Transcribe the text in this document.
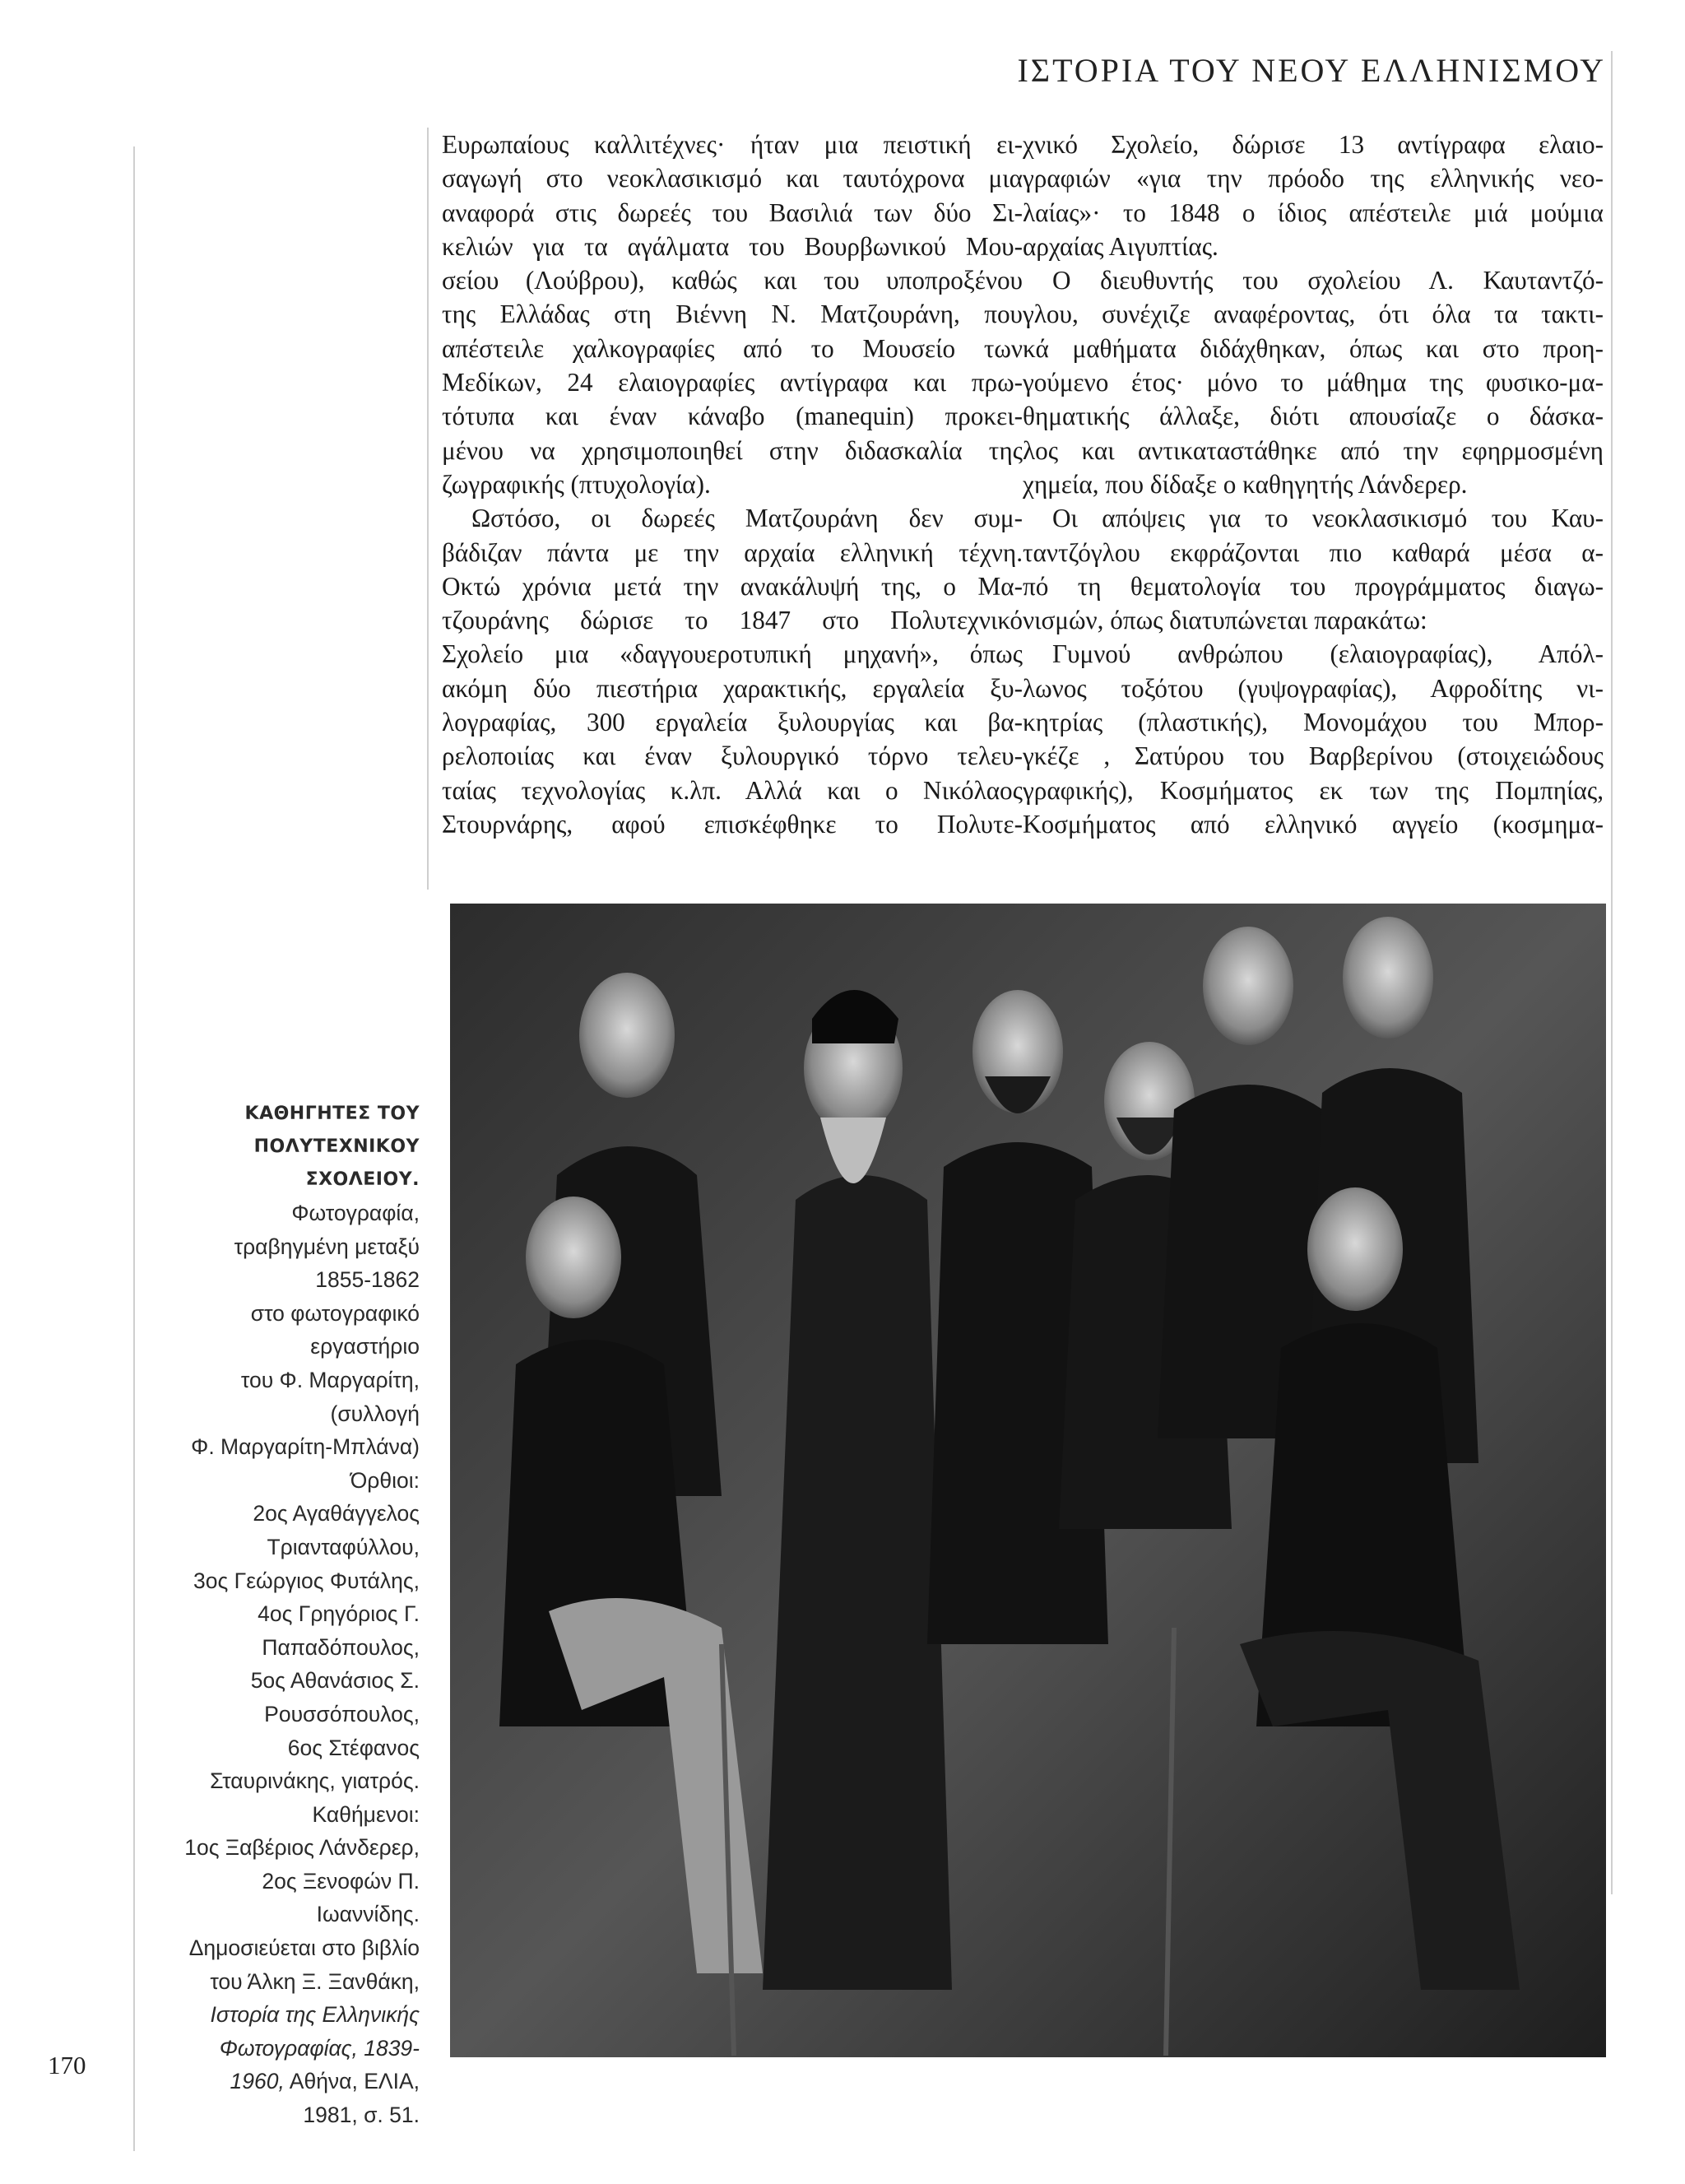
ΙΣΤΟΡΙΑ ΤΟΥ ΝΕΟΥ ΕΛΛΗΝΙΣΜΟΥ
Ευρωπαίους καλλιτέχνες· ήταν μια πειστική ει-
σαγωγή στο νεοκλασικισμό και ταυτόχρονα μια
αναφορά στις δωρεές του Βασιλιά των δύο Σι-
κελιών για τα αγάλματα του Βουρβωνικού Μου-
σείου (Λούβρου), καθώς και του υποπροξένου
της Ελλάδας στη Βιέννη Ν. Ματζουράνη, που
απέστειλε χαλκογραφίες από το Μουσείο των
Μεδίκων, 24 ελαιογραφίες αντίγραφα και πρω-
τότυπα και έναν κάναβο (manequin) προκει-
μένου να χρησιμοποιηθεί στην διδασκαλία της
ζωγραφικής (πτυχολογία).
Ωστόσο, οι δωρεές Ματζουράνη δεν συμ-
βάδιζαν πάντα με την αρχαία ελληνική τέχνη.
Οκτώ χρόνια μετά την ανακάλυψή της, ο Μα-
τζουράνης δώρισε το 1847 στο Πολυτεχνικό
Σχολείο μια «δαγγουεροτυπική μηχανή», όπως
ακόμη δύο πιεστήρια χαρακτικής, εργαλεία ξυ-
λογραφίας, 300 εργαλεία ξυλουργίας και βα-
ρελοποιίας και έναν ξυλουργικό τόρνο τελευ-
ταίας τεχνολογίας κ.λπ. Αλλά και ο Νικόλαος
Στουρνάρης, αφού επισκέφθηκε το Πολυτε-
χνικό Σχολείο, δώρισε 13 αντίγραφα ελαιο-
γραφιών «για την πρόοδο της ελληνικής νεο-
λαίας»· το 1848 ο ίδιος απέστειλε μιά μούμια
αρχαίας Αιγυπτίας.
Ο διευθυντής του σχολείου Λ. Καυταντζό-
γλου, συνέχιζε αναφέροντας, ότι όλα τα τακτι-
κά μαθήματα διδάχθηκαν, όπως και στο προη-
γούμενο έτος· μόνο το μάθημα της φυσικο-μα-
θηματικής άλλαξε, διότι απουσίαζε ο δάσκα-
λος και αντικαταστάθηκε από την εφηρμοσμένη
χημεία, που δίδαξε ο καθηγητής Λάνδερερ.
Οι απόψεις για το νεοκλασικισμό του Καυ-
ταντζόγλου εκφράζονται πιο καθαρά μέσα α-
πό τη θεματολογία του προγράμματος διαγω-
νισμών, όπως διατυπώνεται παρακάτω:
Γυμνού ανθρώπου (ελαιογραφίας), Απόλ-
λωνος τοξότου (γυψογραφίας), Αφροδίτης νι-
κητρίας (πλαστικής), Μονομάχου του Μπορ-
γκέζε , Σατύρου του Βαρβερίνου (στοιχειώδους
γραφικής), Κοσμήματος εκ των της Πομπηίας,
Κοσμήματος από ελληνικό αγγείο (κοσμημα-
ΚΑΘΗΓΗΤΕΣ ΤΟΥ
ΠΟΛΥΤΕΧΝΙΚΟΥ ΣΧΟΛΕΙΟΥ.
Φωτογραφία,
τραβηγμένη μεταξύ
1855-1862
στο φωτογραφικό
εργαστήριο
του Φ. Μαργαρίτη,
(συλλογή
Φ. Μαργαρίτη-Μπλάνα)
Όρθιοι:
2ος Αγαθάγγελος
Τριανταφύλλου,
3ος Γεώργιος Φυτάλης,
4ος Γρηγόριος Γ.
Παπαδόπουλος,
5ος Αθανάσιος Σ.
Ρουσσόπουλος,
6ος Στέφανος
Σταυρινάκης, γιατρός.
Καθήμενοι:
1ος Ξαβέριος Λάνδερερ,
2ος Ξενοφών Π.
Ιωαννίδης.
Δημοσιεύεται στο βιβλίο
του Άλκη Ξ. Ξανθάκη,
Ιστορία της Ελληνικής
Φωτογραφίας, 1839-
1960, Αθήνα, ΕΛΙΑ,
1981, σ. 51.
170
